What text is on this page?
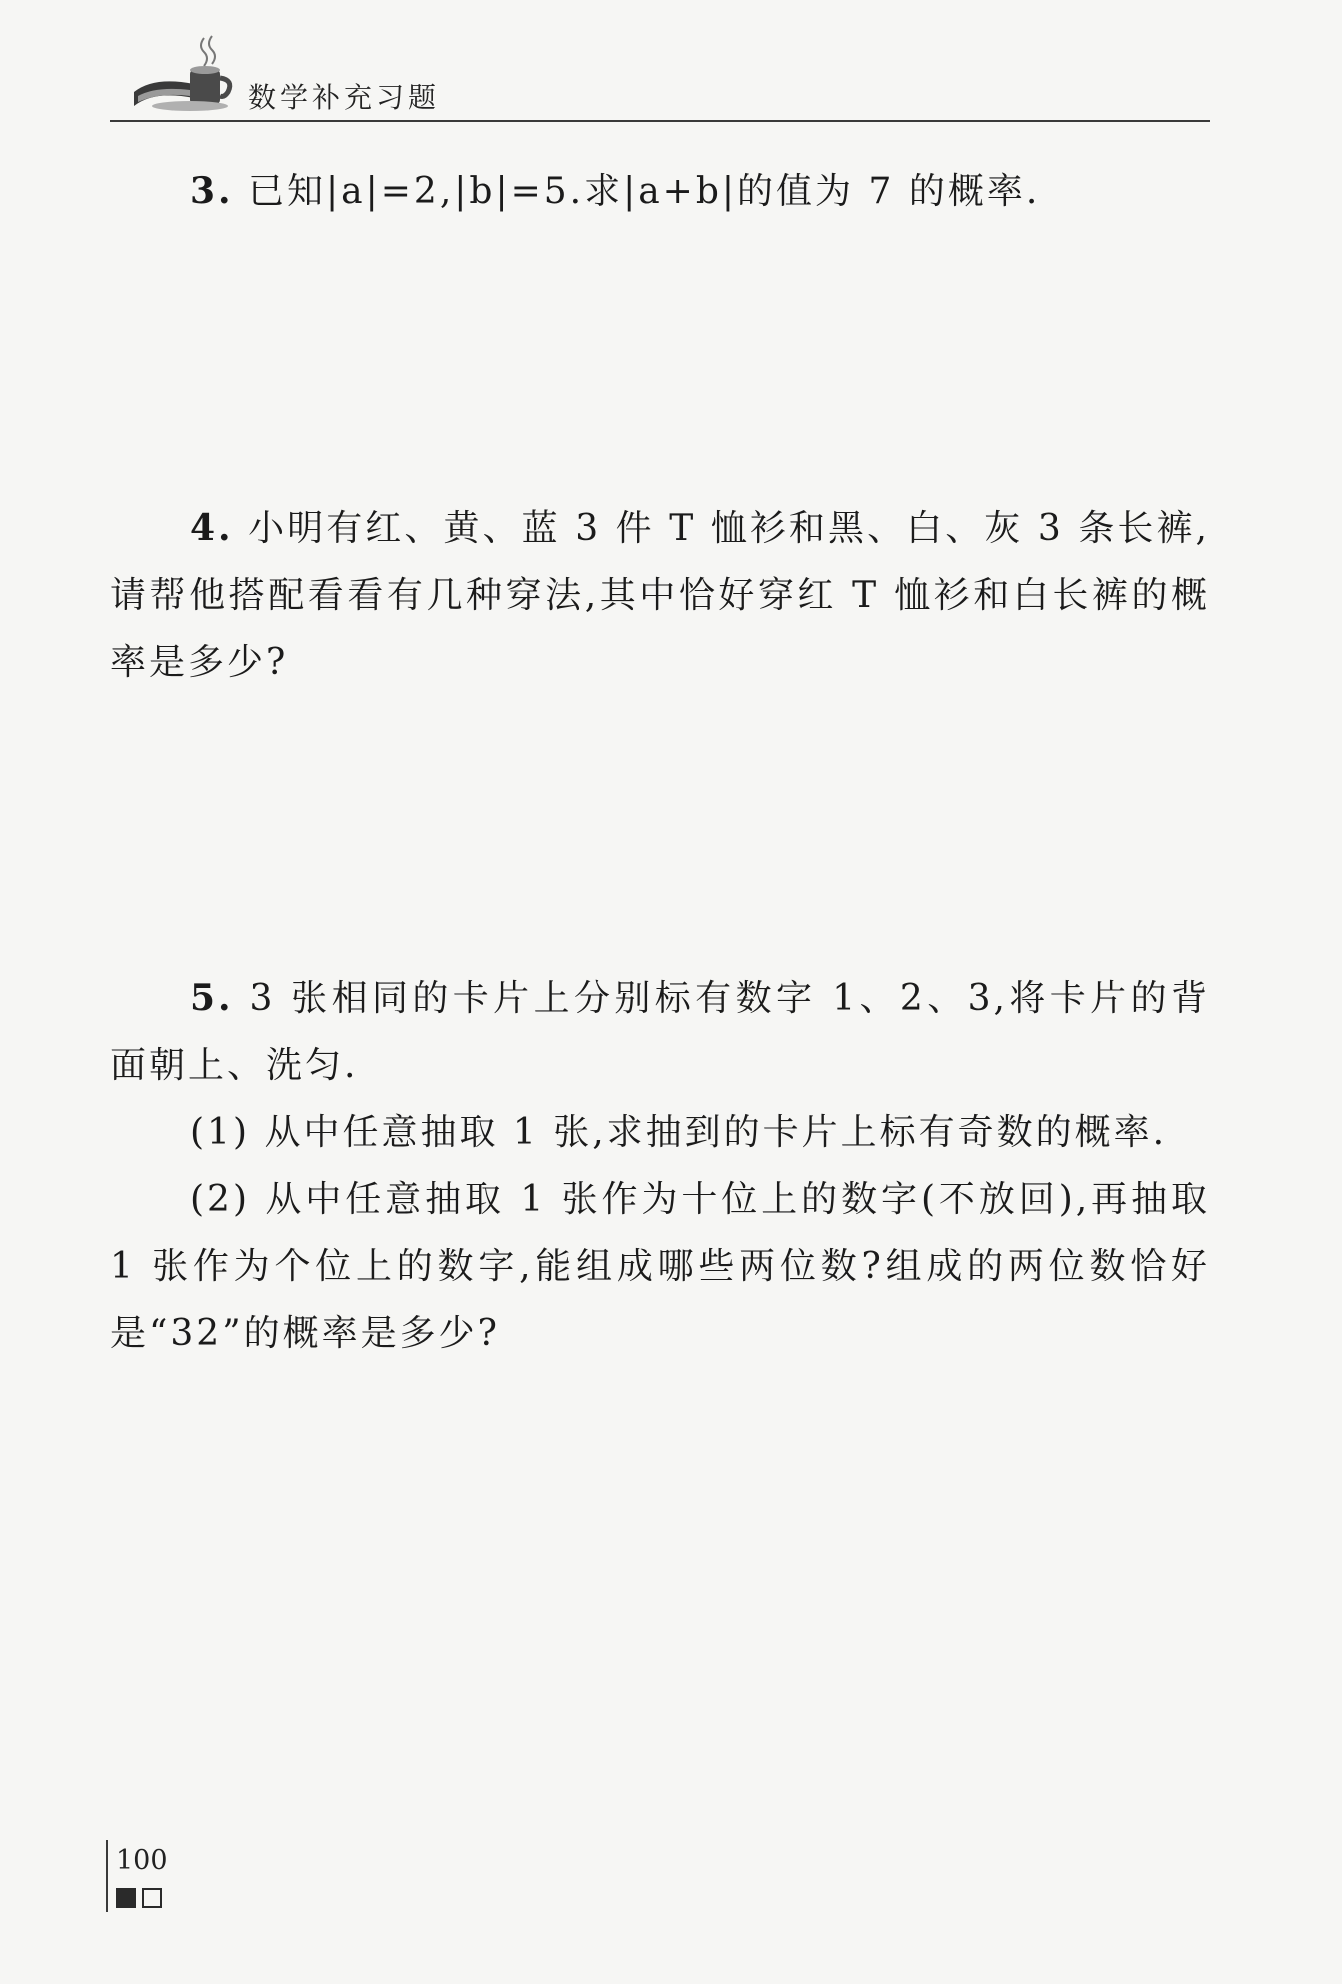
数学补充习题

3. 已知|a|=2,|b|=5.求|a+b|的值为 7 的概率.

4. 小明有红、黄、蓝 3 件 T 恤衫和黑、白、灰 3 条长裤,请帮他搭配看看有几种穿法,其中恰好穿红 T 恤衫和白长裤的概率是多少?

5. 3 张相同的卡片上分别标有数字 1、2、3,将卡片的背面朝上、洗匀.

(1) 从中任意抽取 1 张,求抽到的卡片上标有奇数的概率.

(2) 从中任意抽取 1 张作为十位上的数字(不放回),再抽取 1 张作为个位上的数字,能组成哪些两位数?组成的两位数恰好是“32”的概率是多少?

100
